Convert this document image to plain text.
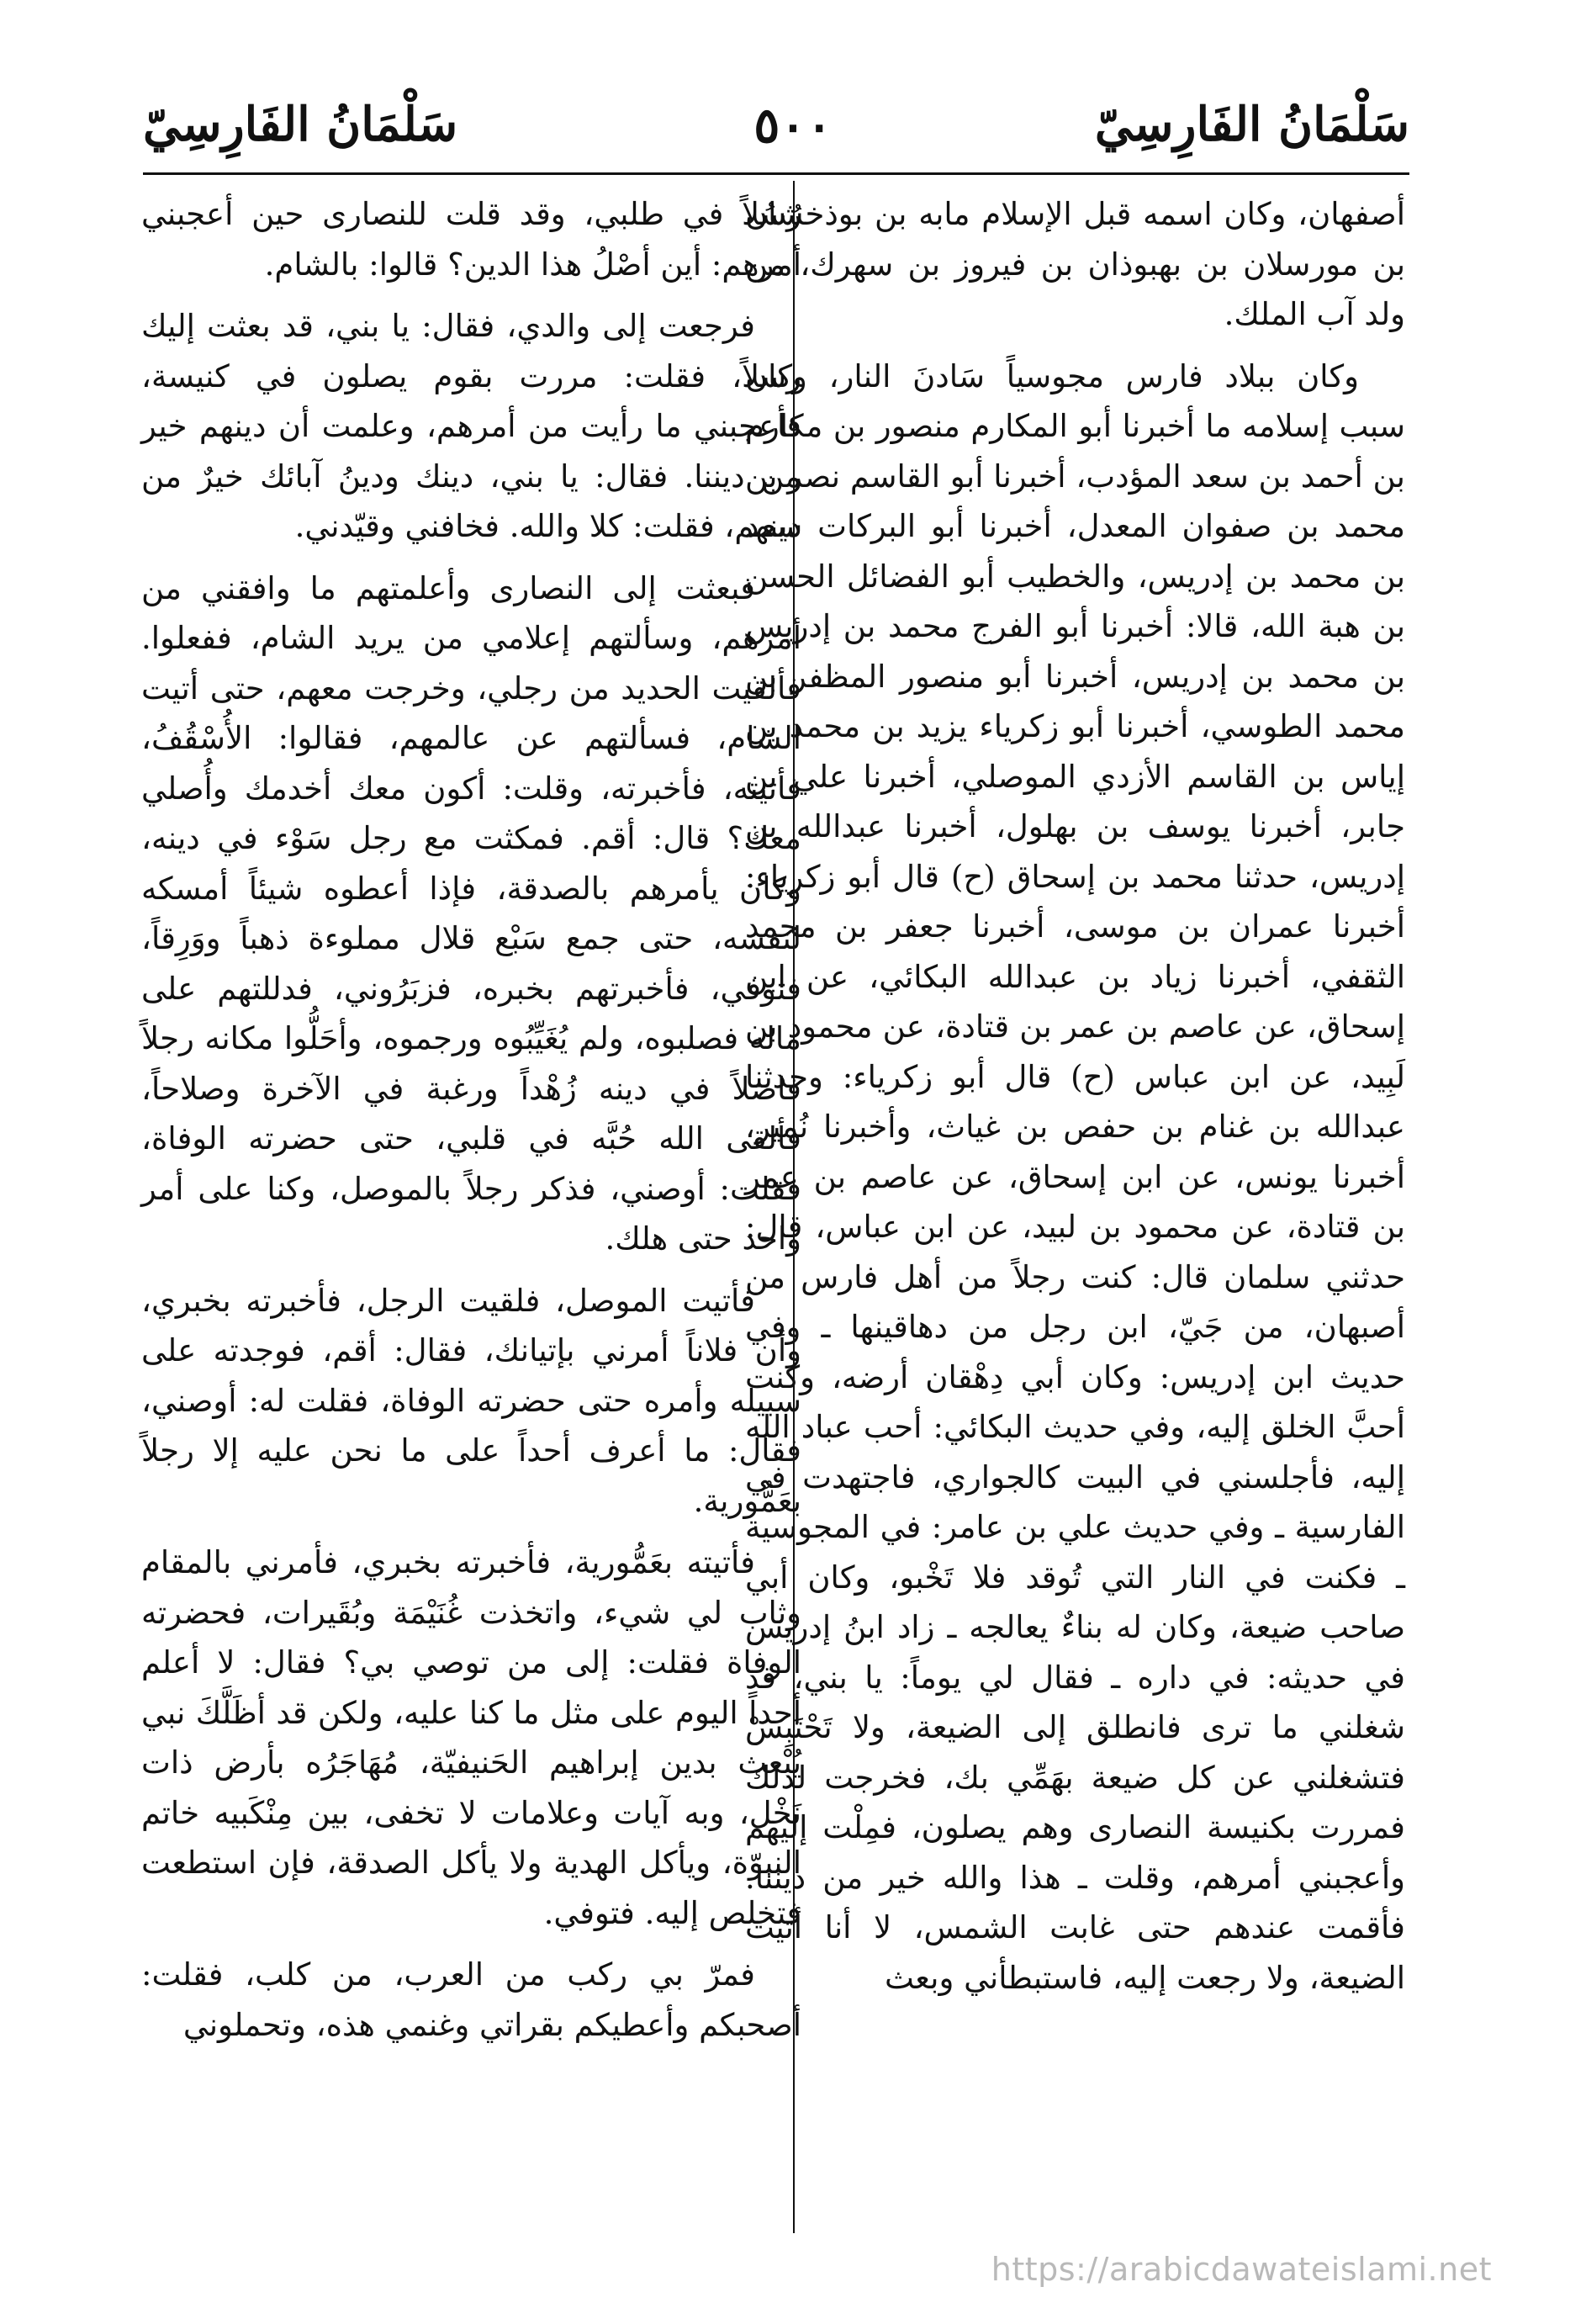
سَلْمَانُ الفَارِسِيّ
٥٠٠
سَلْمَانُ الفَارِسِيّ

أصفهان، وكان اسمه قبل الإسلام مابه بن بوذخشان بن مورسلان بن بهبوذان بن فيروز بن سهرك، من ولد آب الملك.

وكان ببلاد فارس مجوسياً سَادنَ النار، وكان سبب إسلامه ما أخبرنا أبو المكارم منصور بن مكارم بن أحمد بن سعد المؤدب، أخبرنا أبو القاسم نصر بن محمد بن صفوان المعدل، أخبرنا أبو البركات سعد بن محمد بن إدريس، والخطيب أبو الفضائل الحسن بن هبة الله، قالا: أخبرنا أبو الفرج محمد بن إدريس بن محمد بن إدريس، أخبرنا أبو منصور المظفر بن محمد الطوسي، أخبرنا أبو زكرياء يزيد بن محمد بن إياس بن القاسم الأزدي الموصلي، أخبرنا علي بن جابر، أخبرنا يوسف بن بهلول، أخبرنا عبدالله بن إدريس، حدثنا محمد بن إسحاق (ح) قال أبو زكرياء: أخبرنا عمران بن موسى، أخبرنا جعفر بن محمد الثقفي، أخبرنا زياد بن عبدالله البكائي، عن ابن إسحاق، عن عاصم بن عمر بن قتادة، عن محمود بن لَبِيد، عن ابن عباس (ح) قال أبو زكرياء: وحدثنا عبدالله بن غنام بن حفص بن غياث، وأخبرنا نُمير، أخبرنا يونس، عن ابن إسحاق، عن عاصم بن عمر بن قتادة، عن محمود بن لبيد، عن ابن عباس، قال: حدثني سلمان قال: كنت رجلاً من أهل فارس من أصبهان، من جَيّ، ابن رجل من دهاقينها ـ وفي حديث ابن إدريس: وكان أبي دِهْقان أرضه، وكنت أحبَّ الخلق إليه، وفي حديث البكائي: أحب عباد الله إليه، فأجلسني في البيت كالجواري، فاجتهدت في الفارسية ـ وفي حديث علي بن عامر: في المجوسية ـ فكنت في النار التي تُوقد فلا تَخْبو، وكان أبي صاحب ضيعة، وكان له بناءٌ يعالجه ـ زاد ابنُ إدريس في حديثه: في داره ـ فقال لي يوماً: يا بني، قد شغلني ما ترى فانطلق إلى الضيعة، ولا تَحْتَبِسْ فتشغلني عن كل ضيعة بهَمِّي بك، فخرجت لذلك فمررت بكنيسة النصارى وهم يصلون، فمِلْت إليهم وأعجبني أمرهم، وقلت ـ هذا والله خير من ديننا. فأقمت عندهم حتى غابت الشمس، لا أنا أتيت الضيعة، ولا رجعت إليه، فاستبطأني وبعث

رُسُلاً في طلبي، وقد قلت للنصارى حين أعجبني أمرهم: أين أصْلُ هذا الدين؟ قالوا: بالشام.

فرجعت إلى والدي، فقال: يا بني، قد بعثت إليك رسلاً، فقلت: مررت بقوم يصلون في كنيسة، فأعجبني ما رأيت من أمرهم، وعلمت أن دينهم خير من ديننا. فقال: يا بني، دينك ودينُ آبائك خيرٌ من دينهم، فقلت: كلا والله. فخافني وقيّدني.

فبعثت إلى النصارى وأعلمتهم ما وافقني من أمرهم، وسألتهم إعلامي من يريد الشام، ففعلوا. فألقيت الحديد من رجلي، وخرجت معهم، حتى أتيت الشام، فسألتهم عن عالمهم، فقالوا: الأُسْقُفُ، فأتيته، فأخبرته، وقلت: أكون معك أخدمك وأُصلي معك؟ قال: أقم. فمكثت مع رجل سَوْء في دينه، وكان يأمرهم بالصدقة، فإذا أعطوه شيئاً أمسكه لنفسه، حتى جمع سَبْع قلال مملوءة ذهباً ووَرِقاً، فتوفي، فأخبرتهم بخبره، فزبَرُوني، فدللتهم على ماله فصلبوه، ولم يُغَيِّبُوه ورجموه، وأحَلُّوا مكانه رجلاً فاضلاً في دينه زُهْداً ورغبة في الآخرة وصلاحاً، فألقى الله حُبَّه في قلبي، حتى حضرته الوفاة، فقلت: أوصني، فذكر رجلاً بالموصل، وكنا على أمر واحد حتى هلك.

فأتيت الموصل، فلقيت الرجل، فأخبرته بخبري، وأن فلاناً أمرني بإتيانك، فقال: أقم، فوجدته على سبيله وأمره حتى حضرته الوفاة، فقلت له: أوصني، فقال: ما أعرف أحداً على ما نحن عليه إلا رجلاً بعَمُّورية.

فأتيته بعَمُّورية، فأخبرته بخبري، فأمرني بالمقام وثاب لي شيء، واتخذت غُنَيْمَة وبُقَيرات، فحضرته الوفاة فقلت: إلى من توصي بي؟ فقال: لا أعلم أحداً اليوم على مثل ما كنا عليه، ولكن قد أظَلَّكَ نبي يُبْعث بدين إبراهيم الحَنيفيّة، مُهَاجَرُه بأرض ذات نَخْل، وبه آيات وعلامات لا تخفى، بين مِنْكَبيه خاتم النبوّة، ويأكل الهدية ولا يأكل الصدقة، فإن استطعت فتخلص إليه. فتوفي.

فمرّ بي ركب من العرب، من كلب، فقلت: أصحبكم وأعطيكم بقراتي وغنمي هذه، وتحملوني

https://arabicdawateislami.net
